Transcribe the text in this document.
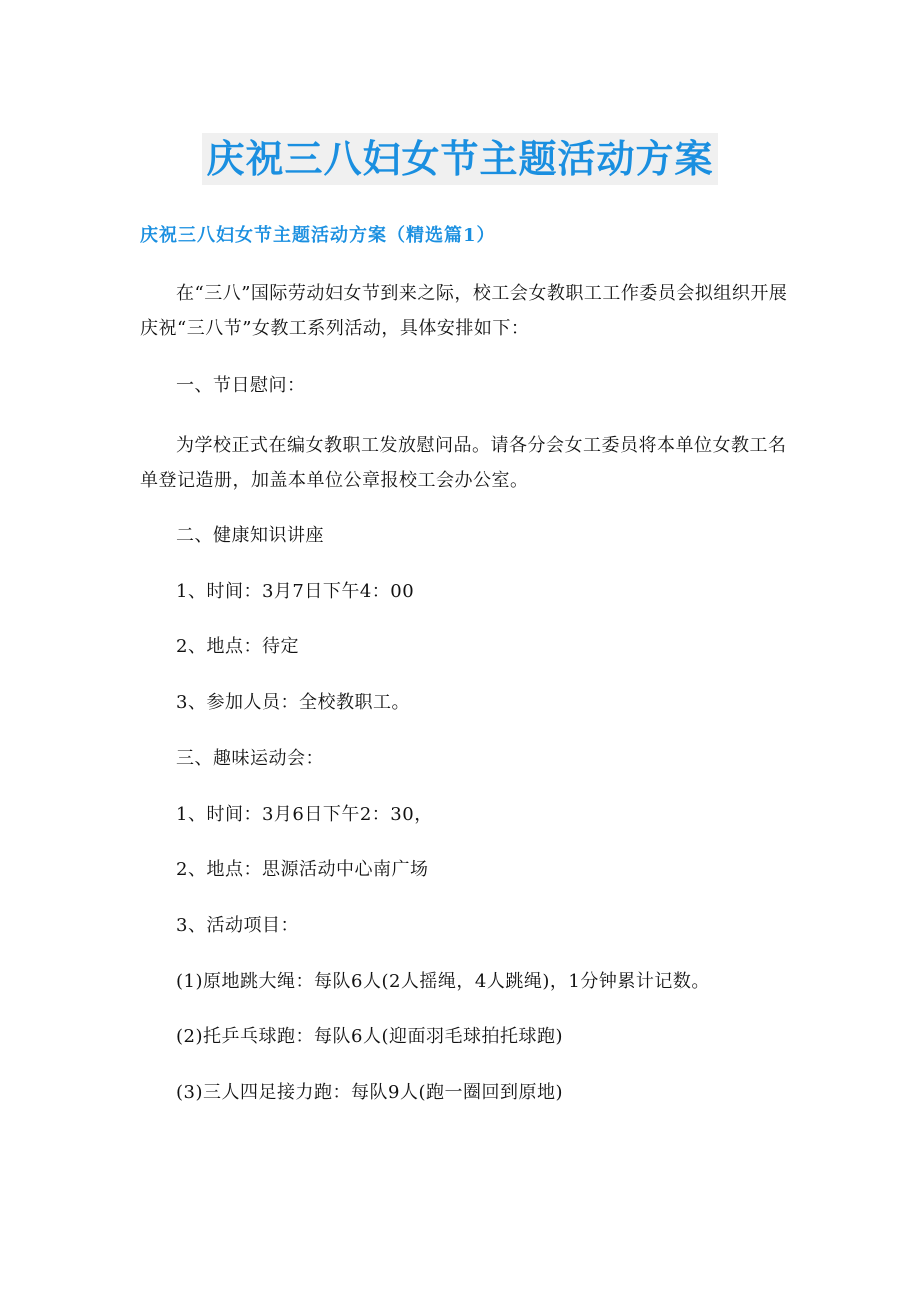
庆祝三八妇女节主题活动方案
庆祝三八妇女节主题活动方案（精选篇1）

在“三八”国际劳动妇女节到来之际，校工会女教职工工作委员会拟组织开展庆祝“三八节”女教工系列活动，具体安排如下：

一、节日慰问：

为学校正式在编女教职工发放慰问品。请各分会女工委员将本单位女教工名单登记造册，加盖本单位公章报校工会办公室。

二、健康知识讲座

1、时间：3月7日下午4：00

2、地点：待定

3、参加人员：全校教职工。

三、趣味运动会：

1、时间：3月6日下午2：30，

2、地点：思源活动中心南广场

3、活动项目：

(1)原地跳大绳：每队6人(2人摇绳，4人跳绳)，1分钟累计记数。

(2)托乒乓球跑：每队6人(迎面羽毛球拍托球跑)

(3)三人四足接力跑：每队9人(跑一圈回到原地)
